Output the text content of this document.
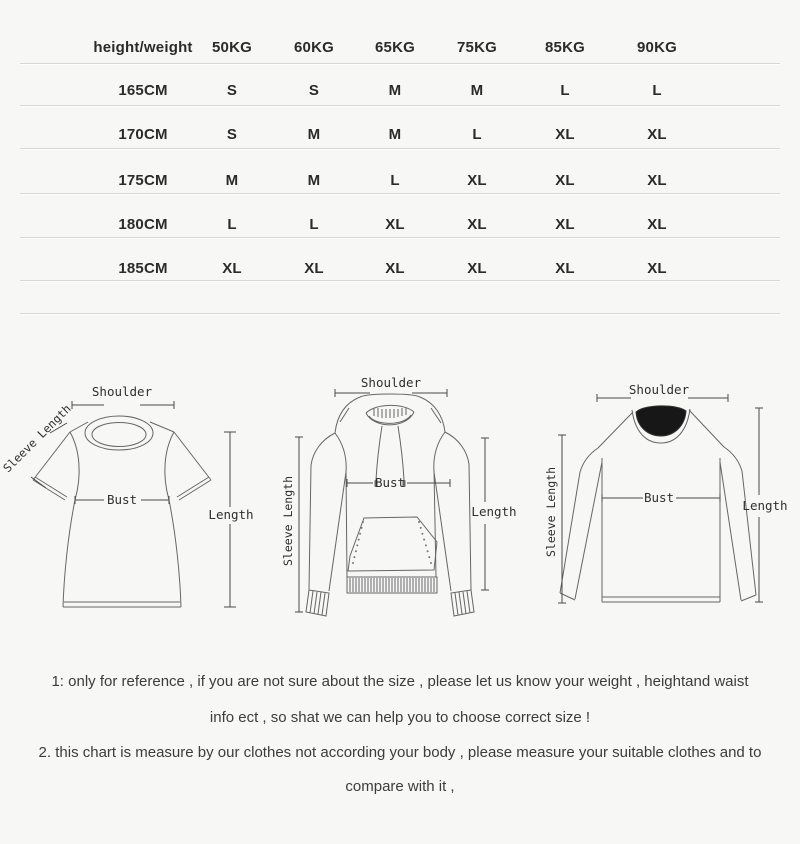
height/weight 50KG	60KG	65KG	75KG	85KG	90KG
165CM	S	S	M	M	L	L
170CM	S	M	M	L	XL	XL
175CM	M	M	L	XL	XL	XL
180CM	L	L	XL	XL	XL	XL
185CM	XL	XL	XL	XL	XL	XL
Shoulder
Sleeve Length
Bust
Length
Shoulder
Sleeve Length	Bust
Length
Shoulder
Sleeve Length	Bust
Length
1: only for reference , if you are not sure about the size , please let us know your weight , heightand waist
info ect , so shat we can help you to choose correct size !
2. this chart is measure by our clothes not according your body , please measure your suitable clothes and to
compare with it ,
